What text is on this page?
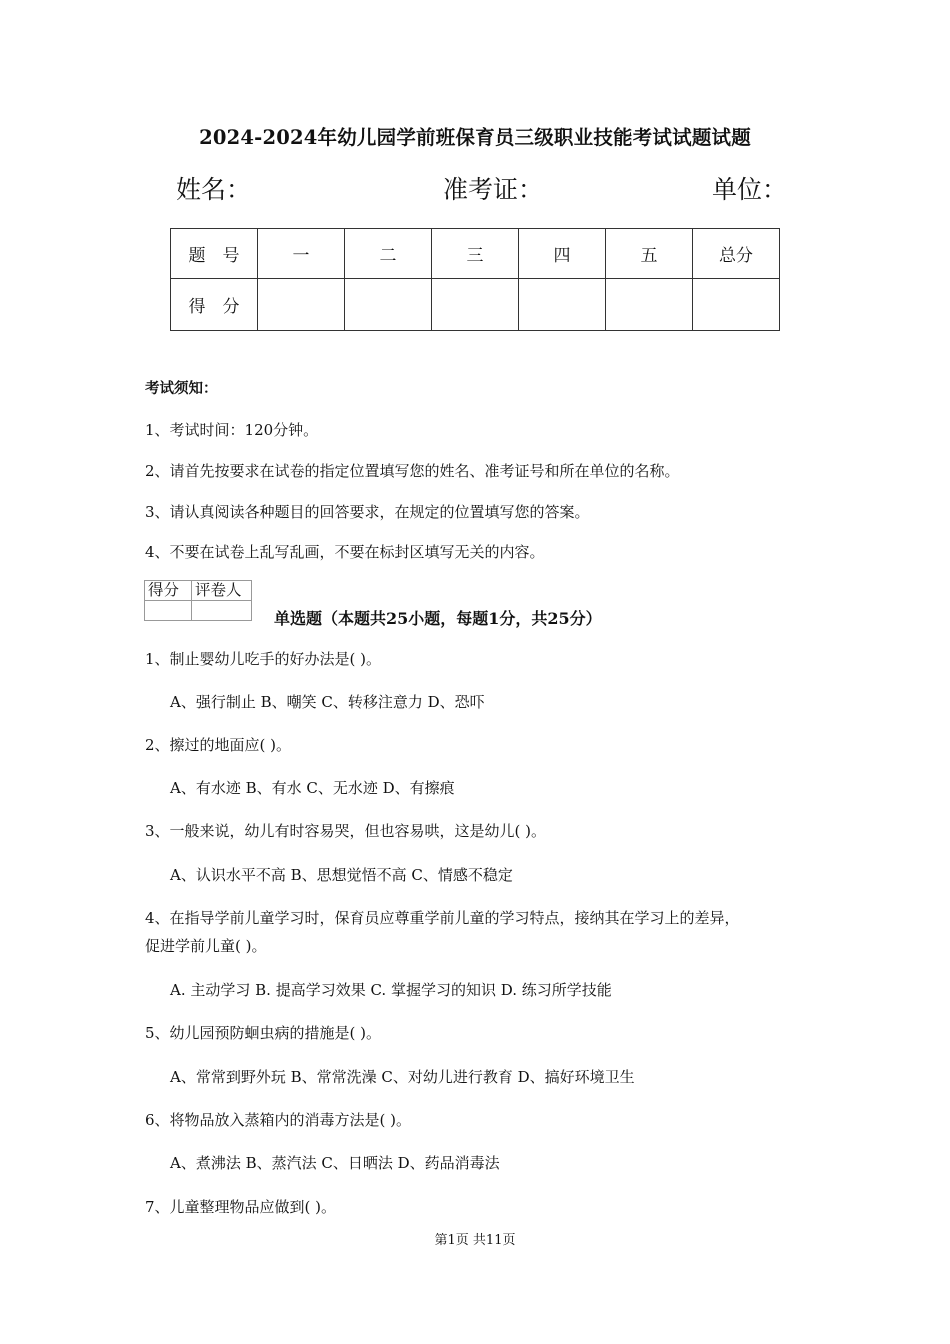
2024-2024年幼儿园学前班保育员三级职业技能考试试题试题
姓名：	准考证：	单位：
题　号	一	二	三	四	五	总分
得　分						
考试须知：
1、考试时间：120分钟。
2、请首先按要求在试卷的指定位置填写您的姓名、准考证号和所在单位的名称。
3、请认真阅读各种题目的回答要求，在规定的位置填写您的答案。
4、不要在试卷上乱写乱画，不要在标封区填写无关的内容。
得分	评卷人

单选题（本题共25小题，每题1分，共25分）
1、制止婴幼儿吃手的好办法是( )。
A、强行制止 B、嘲笑 C、转移注意力 D、恐吓
2、擦过的地面应( )。
A、有水迹 B、有水 C、无水迹 D、有擦痕
3、一般来说，幼儿有时容易哭，但也容易哄，这是幼儿( )。
A、认识水平不高 B、思想觉悟不高 C、情感不稳定
4、在指导学前儿童学习时，保育员应尊重学前儿童的学习特点，接纳其在学习上的差异，
促进学前儿童( )。
A. 主动学习 B. 提高学习效果 C. 掌握学习的知识 D. 练习所学技能
5、幼儿园预防蛔虫病的措施是( )。
A、常常到野外玩 B、常常洗澡 C、对幼儿进行教育 D、搞好环境卫生
6、将物品放入蒸箱内的消毒方法是( )。
A、煮沸法 B、蒸汽法 C、日晒法 D、药品消毒法
7、儿童整理物品应做到( )。
第1页 共11页
